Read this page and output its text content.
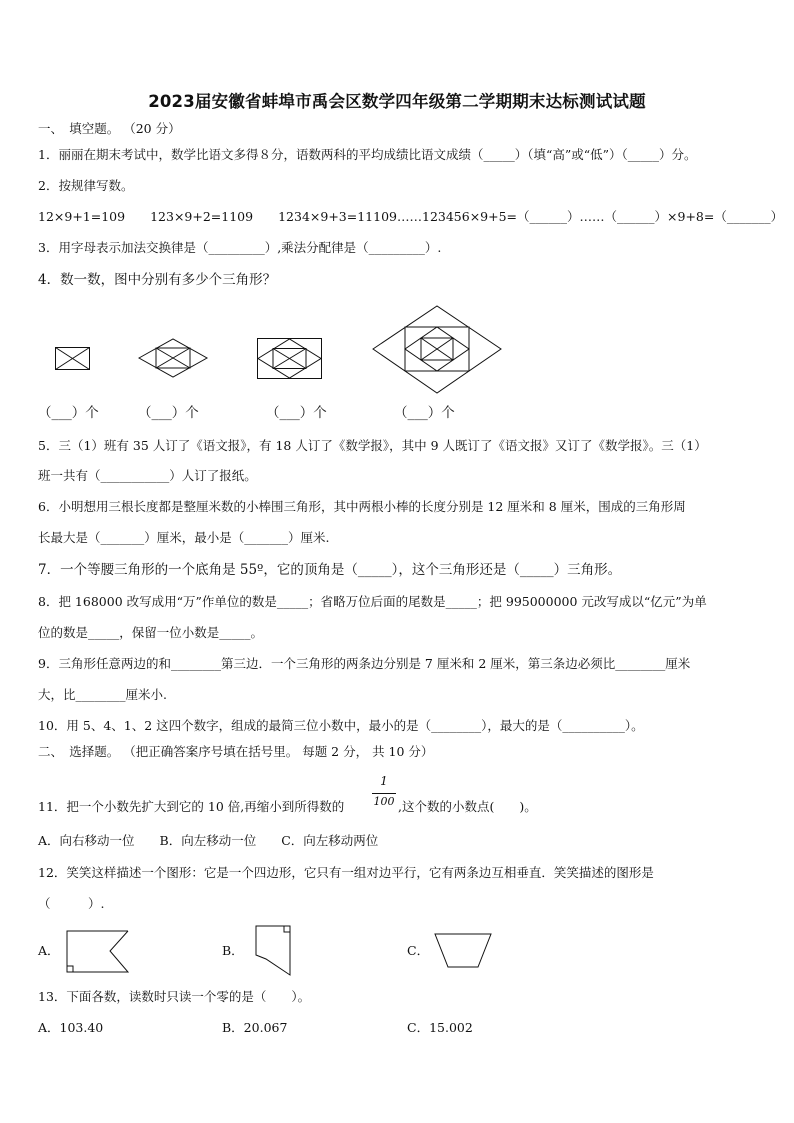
2023届安徽省蚌埠市禹会区数学四年级第二学期期末达标测试试题
一、　填空题。 （20 分）
1．丽丽在期末考试中，数学比语文多得８分，语数两科的平均成绩比语文成绩（_____）（填“高”或“低”）（_____）分。
2．按规律写数。
12×9+1=109　　123×9+2=1109　　1234×9+3=11109……123456×9+5=（______）……（______）×9+8=（_______）
3．用字母表示加法交换律是（_________）,乘法分配律是（_________）.
4．数一数，图中分别有多少个三角形？
（___）个	（___）个	（___）个	（___）个
5．三（1）班有 35 人订了《语文报》，有 18 人订了《数学报》，其中 9 人既订了《语文报》又订了《数学报》。三（1）
班一共有（___________）人订了报纸。
6．小明想用三根长度都是整厘米数的小棒围三角形，其中两根小棒的长度分别是 12 厘米和 8 厘米，围成的三角形周
长最大是（_______）厘米，最小是（_______）厘米.
7．一个等腰三角形的一个底角是 55º，它的顶角是（_____），这个三角形还是（_____）三角形。
8．把 168000 改写成用“万”作单位的数是_____；省略万位后面的尾数是_____；把 995000000 元改写成以“亿元”为单
位的数是_____，保留一位小数是_____。
9．三角形任意两边的和________第三边．一个三角形的两条边分别是 7 厘米和 2 厘米，第三条边必须比________厘米
大，比________厘米小.
10．用 5、4、1、2 这四个数字，组成的最简三位小数中，最小的是（________），最大的是（__________）。
二、　选择题。 （把正确答案序号填在括号里。 每题 2 分， 共 10 分）
1
100
11．把一个小数先扩大到它的 10 倍,再缩小到所得数的	,这个数的小数点(　　)。
A．向右移动一位　　B．向左移动一位　　C．向左移动两位
12．笑笑这样描述一个图形：它是一个四边形，它只有一组对边平行，它有两条边互相垂直．笑笑描述的图形是
（　　　）.
A．	B．	C．
13．下面各数，读数时只读一个零的是（　　）。
A．103.40	B．20.067	C．15.002
